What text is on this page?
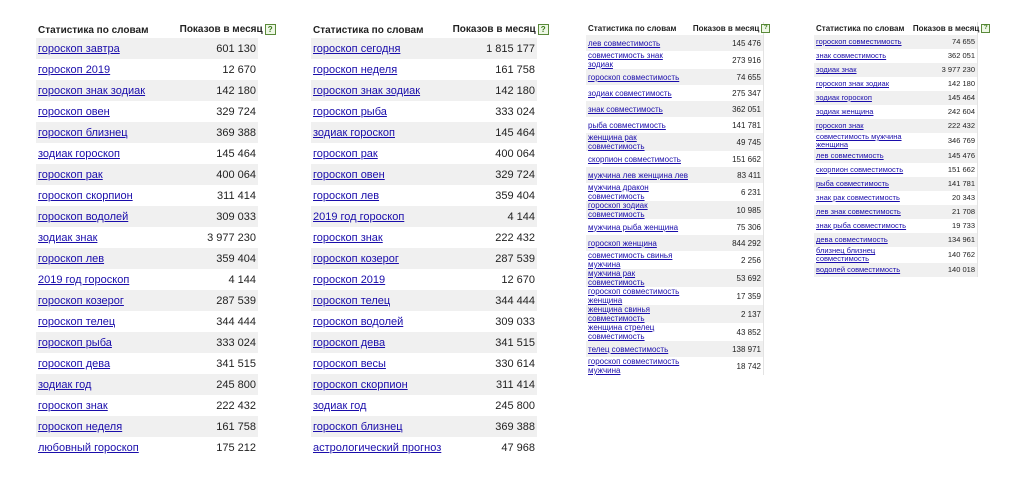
Статистика по словам	Показов в месяц ?
гороскоп завтра	601 130
гороскоп 2019	12 670
гороскоп знак зодиак	142 180
гороскоп овен	329 724
гороскоп близнец	369 388
зодиак гороскоп	145 464
гороскоп рак	400 064
гороскоп скорпион	311 414
гороскоп водолей	309 033
зодиак знак	3 977 230
гороскоп лев	359 404
2019 год гороскоп	4 144
гороскоп козерог	287 539
гороскоп телец	344 444
гороскоп рыба	333 024
гороскоп дева	341 515
зодиак год	245 800
гороскоп знак	222 432
гороскоп неделя	161 758
любовный гороскоп	175 212
Статистика по словам	Показов в месяц ?
гороскоп сегодня	1 815 177
гороскоп неделя	161 758
гороскоп знак зодиак	142 180
гороскоп рыба	333 024
зодиак гороскоп	145 464
гороскоп рак	400 064
гороскоп овен	329 724
гороскоп лев	359 404
2019 год гороскоп	4 144
гороскоп знак	222 432
гороскоп козерог	287 539
гороскоп 2019	12 670
гороскоп телец	344 444
гороскоп водолей	309 033
гороскоп дева	341 515
гороскоп весы	330 614
гороскоп скорпион	311 414
зодиак год	245 800
гороскоп близнец	369 388
астрологический прогноз	47 968
Статистика по словам	Показов в месяц ?
лев совместимость	145 476
совместимость знак зодиак	273 916
гороскоп совместимость	74 655
зодиак совместимость	275 347
знак совместимость	362 051
рыба совместимость	141 781
женщина рак совместимость	49 745
скорпион совместимость	151 662
мужчина лев женщина лев	83 411
мужчина дракон совместимость	6 231
гороскоп зодиак совместимость	10 985
мужчина рыба женщина	75 306
гороскоп женщина	844 292
совместимость свинья мужчина	2 256
мужчина рак совместимость	53 692
гороскоп совместимость женщина	17 359
женщина свинья совместимость	2 137
женщина стрелец совместимость	43 852
телец совместимость	138 971
гороскоп совместимость мужчина	18 742
Статистика по словам	Показов в месяц ?
гороскоп совместимость	74 655
знак совместимость	362 051
зодиак знак	3 977 230
гороскоп знак зодиак	142 180
зодиак гороскоп	145 464
зодиак женщина	242 604
гороскоп знак	222 432
совместимость мужчина женщина	346 769
лев совместимость	145 476
скорпион совместимость	151 662
рыба совместимость	141 781
знак рак совместимость	20 343
лев знак совместимость	21 708
знак рыба совместимость	19 733
дева совместимость	134 961
близнец близнец совместимость	140 762
водолей совместимость	140 018
